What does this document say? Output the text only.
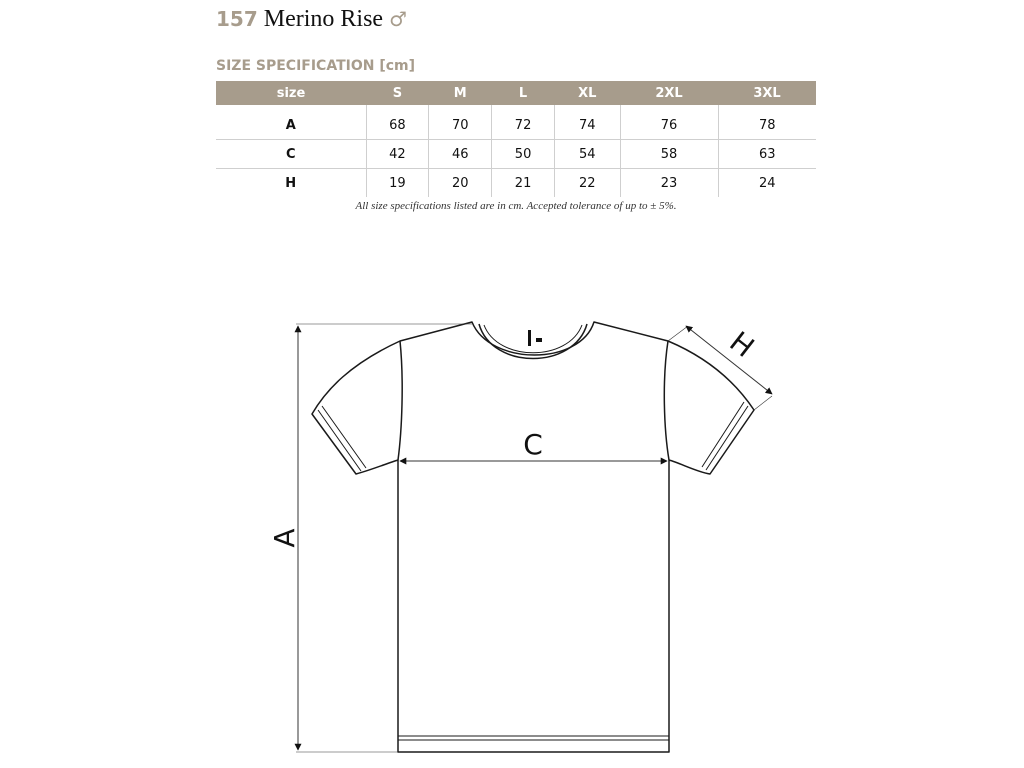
157 Merino Rise ♂
SIZE SPECIFICATION [cm]
size	S	M	L	XL	2XL	3XL
A	68	70	72	74	76	78
C	42	46	50	54	58	63
H	19	20	21	22	23	24
All size specifications listed are in cm. Accepted tolerance of up to ± 5%.
A
C
H
